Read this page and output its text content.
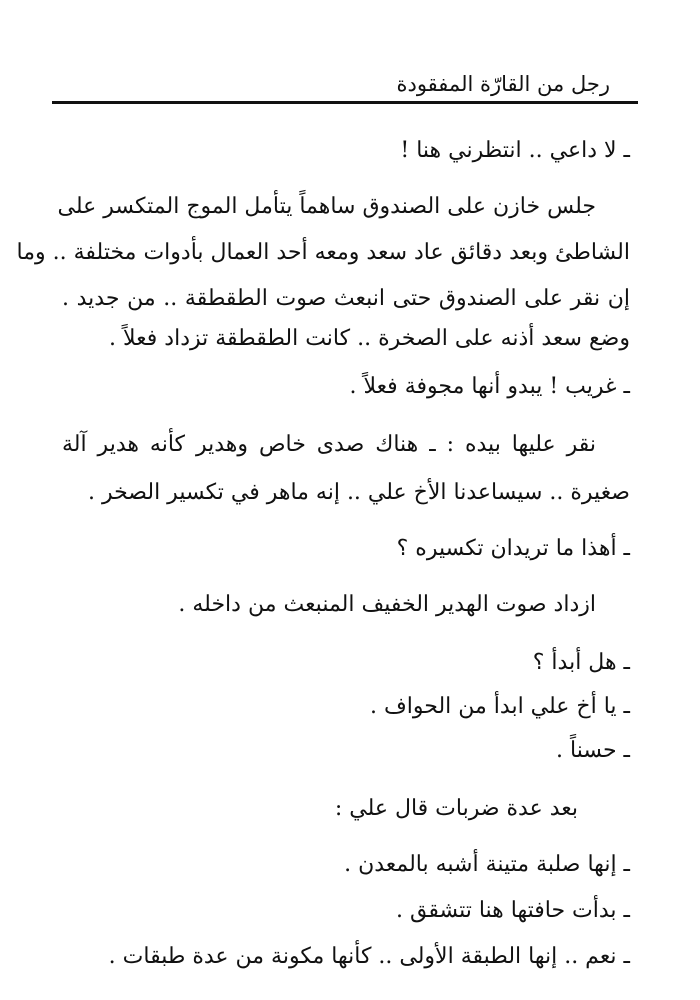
رجل من القارّة المفقودة
ـ لا داعي .. انتظرني هنا !
جلس خازن على الصندوق ساهماً يتأمل الموج المتكسر على
الشاطئ وبعد دقائق عاد سعد ومعه أحد العمال بأدوات مختلفة .. وما
إن نقر على الصندوق حتى انبعث صوت الطقطقة .. من جديد .
وضع سعد أذنه على الصخرة .. كانت الطقطقة تزداد فعلاً .
ـ غريب ! يبدو أنها مجوفة فعلاً .
نقر عليها بيده : ـ هناك صدى خاص وهدير كأنه هدير آلة
صغيرة .. سيساعدنا الأخ علي .. إنه ماهر في تكسير الصخر .
ـ أهذا ما تريدان تكسيره ؟
ازداد صوت الهدير الخفيف المنبعث من داخله .
ـ هل أبدأ ؟
ـ يا أخ علي ابدأ من الحواف .
ـ حسناً .
بعد عدة ضربات قال علي :
ـ إنها صلبة متينة أشبه بالمعدن .
ـ بدأت حافتها هنا تتشقق .
ـ نعم .. إنها الطبقة الأولى .. كأنها مكونة من عدة طبقات .
